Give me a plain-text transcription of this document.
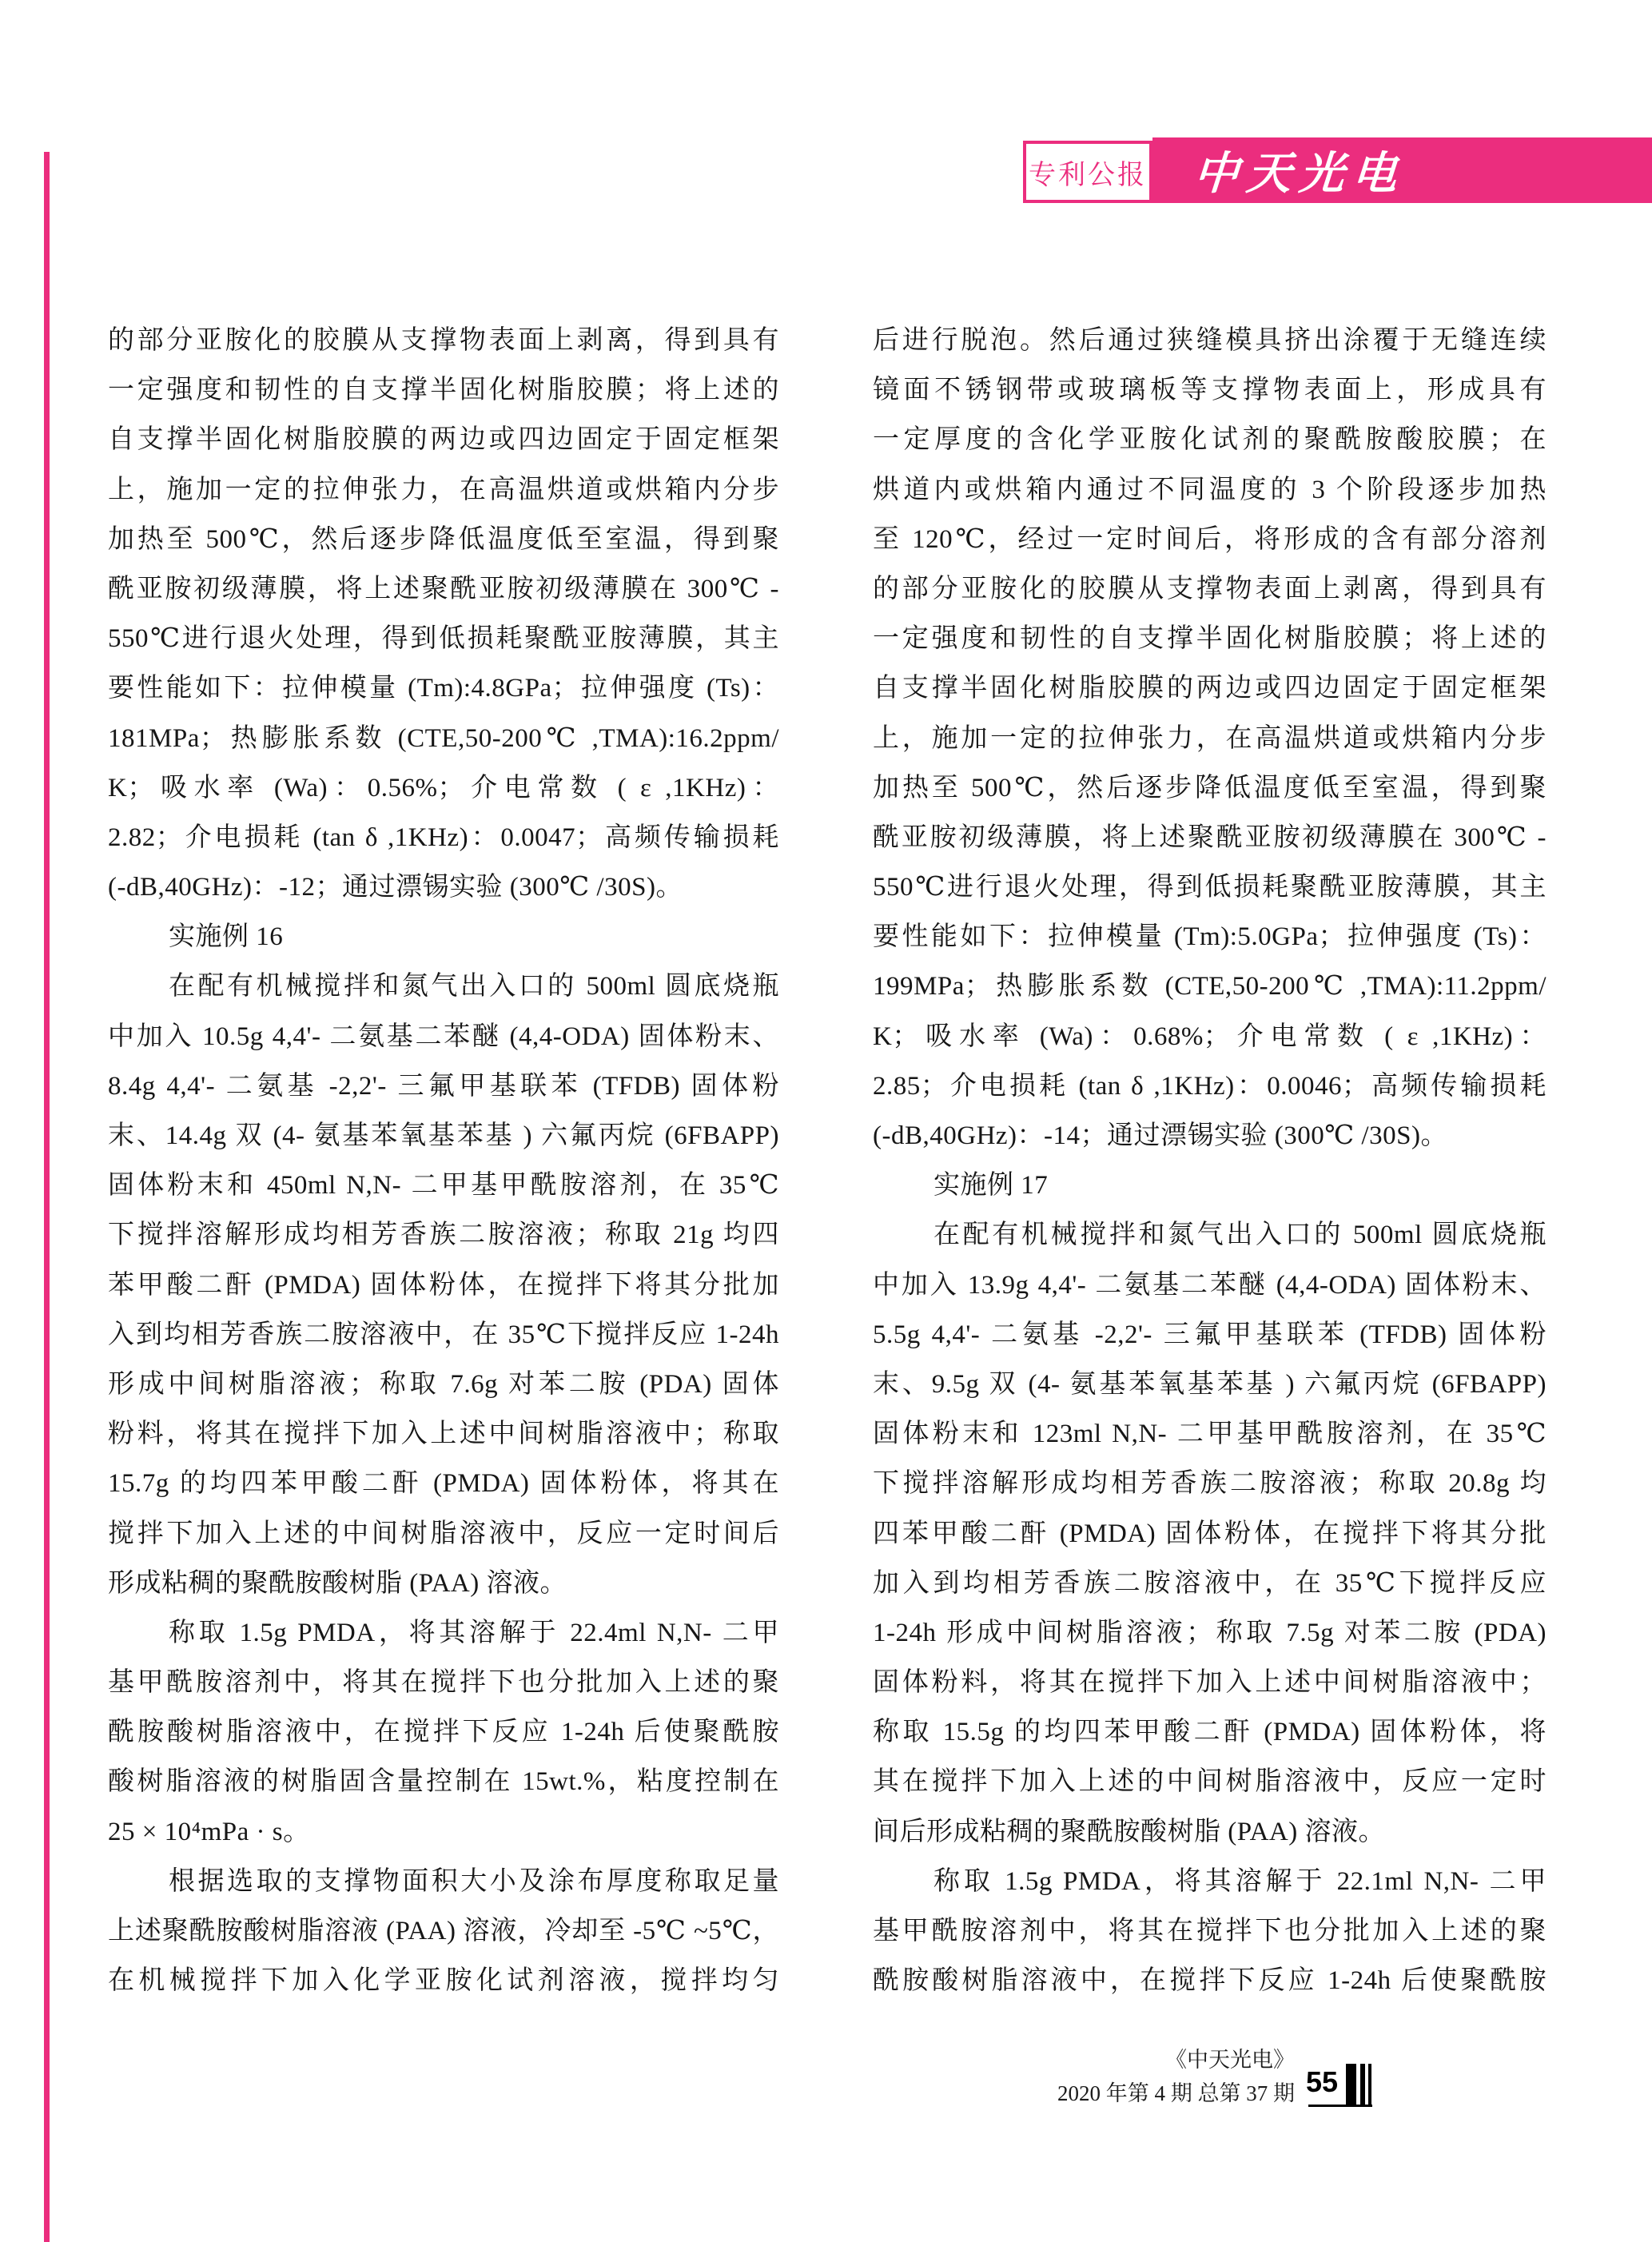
专利公报	中天光电
的部分亚胺化的胶膜从支撑物表面上剥离，得到具有
一定强度和韧性的自支撑半固化树脂胶膜；将上述的
自支撑半固化树脂胶膜的两边或四边固定于固定框架
上，施加一定的拉伸张力，在高温烘道或烘箱内分步
加热至 500℃，然后逐步降低温度低至室温，得到聚
酰亚胺初级薄膜，将上述聚酰亚胺初级薄膜在 300℃ -
550℃进行退火处理，得到低损耗聚酰亚胺薄膜，其主
要性能如下：拉伸模量 (Tm):4.8GPa；拉伸强度 (Ts)：
181MPa；热膨胀系数 (CTE,50-200℃ ,TMA):16.2ppm/
K；吸水率 (Wa)：0.56%；介电常数 ( ε ,1KHz)：
2.82；介电损耗 (tan δ ,1KHz)：0.0047；高频传输损耗
(-dB,40GHz)：-12；通过漂锡实验 (300℃ /30S)。
实施例 16
在配有机械搅拌和氮气出入口的 500ml 圆底烧瓶
中加入 10.5g 4,4'- 二氨基二苯醚 (4,4-ODA) 固体粉末、
8.4g 4,4'- 二氨基 -2,2'- 三氟甲基联苯 (TFDB) 固体粉
末、14.4g 双 (4- 氨基苯氧基苯基 ) 六氟丙烷 (6FBAPP)
固体粉末和 450ml N,N- 二甲基甲酰胺溶剂，在 35℃
下搅拌溶解形成均相芳香族二胺溶液；称取 21g 均四
苯甲酸二酐 (PMDA) 固体粉体，在搅拌下将其分批加
入到均相芳香族二胺溶液中，在 35℃下搅拌反应 1-24h
形成中间树脂溶液；称取 7.6g 对苯二胺 (PDA) 固体
粉料，将其在搅拌下加入上述中间树脂溶液中；称取
15.7g 的均四苯甲酸二酐 (PMDA) 固体粉体，将其在
搅拌下加入上述的中间树脂溶液中，反应一定时间后
形成粘稠的聚酰胺酸树脂 (PAA) 溶液。
称取 1.5g PMDA，将其溶解于 22.4ml N,N- 二甲
基甲酰胺溶剂中，将其在搅拌下也分批加入上述的聚
酰胺酸树脂溶液中，在搅拌下反应 1-24h 后使聚酰胺
酸树脂溶液的树脂固含量控制在 15wt.%，粘度控制在
25 × 10⁴mPa · s。
根据选取的支撑物面积大小及涂布厚度称取足量
上述聚酰胺酸树脂溶液 (PAA) 溶液，冷却至 -5℃ ~5℃，
在机械搅拌下加入化学亚胺化试剂溶液，搅拌均匀
后进行脱泡。然后通过狭缝模具挤出涂覆于无缝连续
镜面不锈钢带或玻璃板等支撑物表面上，形成具有
一定厚度的含化学亚胺化试剂的聚酰胺酸胶膜；在
烘道内或烘箱内通过不同温度的 3 个阶段逐步加热
至 120℃，经过一定时间后，将形成的含有部分溶剂
的部分亚胺化的胶膜从支撑物表面上剥离，得到具有
一定强度和韧性的自支撑半固化树脂胶膜；将上述的
自支撑半固化树脂胶膜的两边或四边固定于固定框架
上，施加一定的拉伸张力，在高温烘道或烘箱内分步
加热至 500℃，然后逐步降低温度低至室温，得到聚
酰亚胺初级薄膜，将上述聚酰亚胺初级薄膜在 300℃ -
550℃进行退火处理，得到低损耗聚酰亚胺薄膜，其主
要性能如下：拉伸模量 (Tm):5.0GPa；拉伸强度 (Ts)：
199MPa；热膨胀系数 (CTE,50-200℃ ,TMA):11.2ppm/
K；吸水率 (Wa)：0.68%；介电常数 ( ε ,1KHz)：
2.85；介电损耗 (tan δ ,1KHz)：0.0046；高频传输损耗
(-dB,40GHz)：-14；通过漂锡实验 (300℃ /30S)。
实施例 17
在配有机械搅拌和氮气出入口的 500ml 圆底烧瓶
中加入 13.9g 4,4'- 二氨基二苯醚 (4,4-ODA) 固体粉末、
5.5g 4,4'- 二氨基 -2,2'- 三氟甲基联苯 (TFDB) 固体粉
末、9.5g 双 (4- 氨基苯氧基苯基 ) 六氟丙烷 (6FBAPP)
固体粉末和 123ml N,N- 二甲基甲酰胺溶剂，在 35℃
下搅拌溶解形成均相芳香族二胺溶液；称取 20.8g 均
四苯甲酸二酐 (PMDA) 固体粉体，在搅拌下将其分批
加入到均相芳香族二胺溶液中，在 35℃下搅拌反应
1-24h 形成中间树脂溶液；称取 7.5g 对苯二胺 (PDA)
固体粉料，将其在搅拌下加入上述中间树脂溶液中；
称取 15.5g 的均四苯甲酸二酐 (PMDA) 固体粉体，将
其在搅拌下加入上述的中间树脂溶液中，反应一定时
间后形成粘稠的聚酰胺酸树脂 (PAA) 溶液。
称取 1.5g PMDA，将其溶解于 22.1ml N,N- 二甲
基甲酰胺溶剂中，将其在搅拌下也分批加入上述的聚
酰胺酸树脂溶液中，在搅拌下反应 1-24h 后使聚酰胺
《中天光电》
2020 年第 4 期 总第 37 期 55
